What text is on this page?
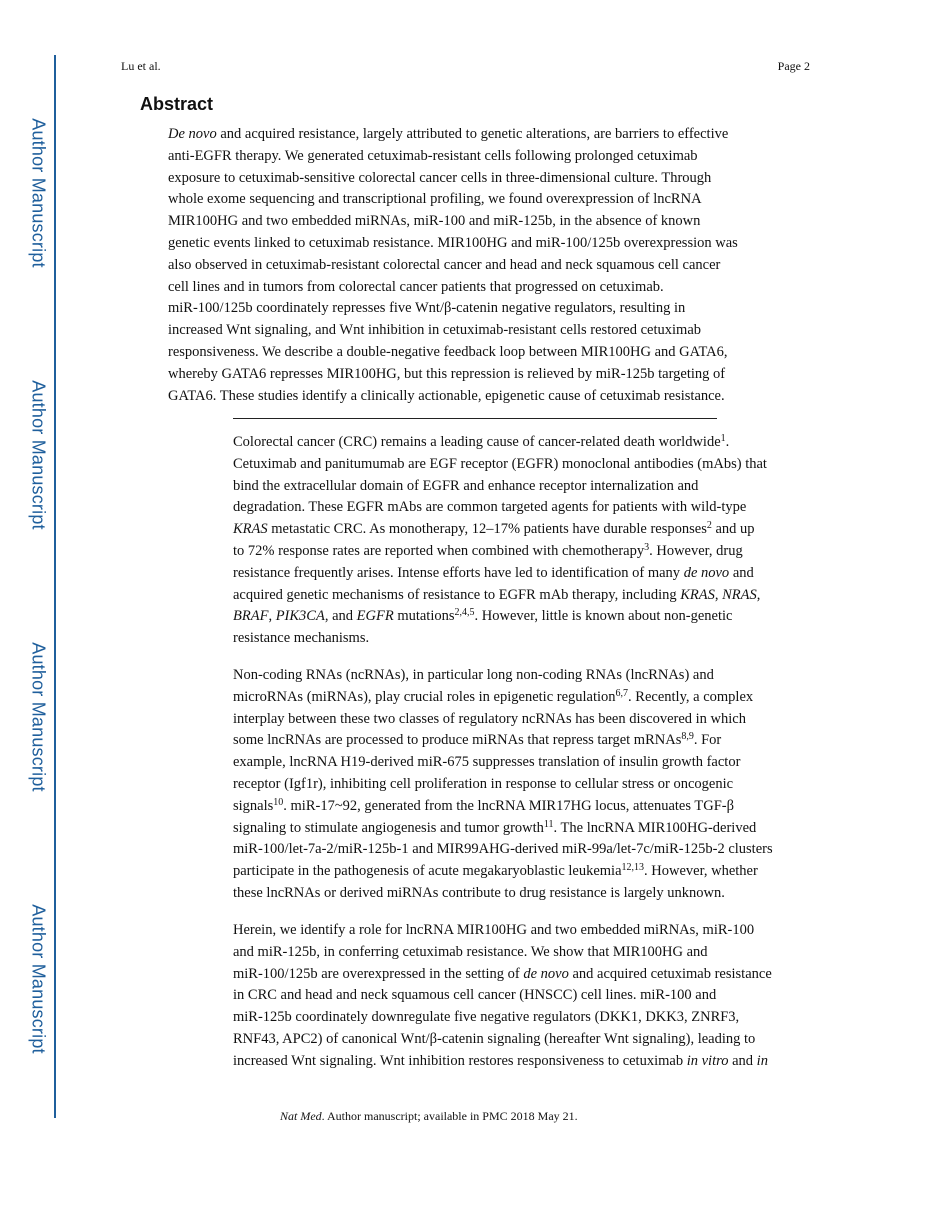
Author Manuscript
Author Manuscript
Author Manuscript
Author Manuscript
Lu et al.	Page 2
Abstract
De novo and acquired resistance, largely attributed to genetic alterations, are barriers to effective
anti-EGFR therapy. We generated cetuximab-resistant cells following prolonged cetuximab
exposure to cetuximab-sensitive colorectal cancer cells in three-dimensional culture. Through
whole exome sequencing and transcriptional profiling, we found overexpression of lncRNA
MIR100HG and two embedded miRNAs, miR-100 and miR-125b, in the absence of known
genetic events linked to cetuximab resistance. MIR100HG and miR-100/125b overexpression was
also observed in cetuximab-resistant colorectal cancer and head and neck squamous cell cancer
cell lines and in tumors from colorectal cancer patients that progressed on cetuximab.
miR-100/125b coordinately represses five Wnt/β-catenin negative regulators, resulting in
increased Wnt signaling, and Wnt inhibition in cetuximab-resistant cells restored cetuximab
responsiveness. We describe a double-negative feedback loop between MIR100HG and GATA6,
whereby GATA6 represses MIR100HG, but this repression is relieved by miR-125b targeting of
GATA6. These studies identify a clinically actionable, epigenetic cause of cetuximab resistance.
Colorectal cancer (CRC) remains a leading cause of cancer-related death worldwide$^1$.
Cetuximab and panitumumab are EGF receptor (EGFR) monoclonal antibodies (mAbs) that
bind the extracellular domain of EGFR and enhance receptor internalization and
degradation. These EGFR mAbs are common targeted agents for patients with wild-type
KRAS metastatic CRC. As monotherapy, 12–17% patients have durable responses$^2$ and up
to 72% response rates are reported when combined with chemotherapy$^3$. However, drug
resistance frequently arises. Intense efforts have led to identification of many de novo and
acquired genetic mechanisms of resistance to EGFR mAb therapy, including KRAS, NRAS,
BRAF, PIK3CA, and EGFR mutations$^{2,4,5}$. However, little is known about non-genetic
resistance mechanisms.
Non-coding RNAs (ncRNAs), in particular long non-coding RNAs (lncRNAs) and
microRNAs (miRNAs), play crucial roles in epigenetic regulation$^{6,7}$. Recently, a complex
interplay between these two classes of regulatory ncRNAs has been discovered in which
some lncRNAs are processed to produce miRNAs that repress target mRNAs$^{8,9}$. For
example, lncRNA H19-derived miR-675 suppresses translation of insulin growth factor
receptor (Igf1r), inhibiting cell proliferation in response to cellular stress or oncogenic
signals$^{10}$. miR-17~92, generated from the lncRNA MIR17HG locus, attenuates TGF-β
signaling to stimulate angiogenesis and tumor growth$^{11}$. The lncRNA MIR100HG-derived
miR-100/let-7a-2/miR-125b-1 and MIR99AHG-derived miR-99a/let-7c/miR-125b-2 clusters
participate in the pathogenesis of acute megakaryoblastic leukemia$^{12,13}$. However, whether
these lncRNAs or derived miRNAs contribute to drug resistance is largely unknown.
Herein, we identify a role for lncRNA MIR100HG and two embedded miRNAs, miR-100
and miR-125b, in conferring cetuximab resistance. We show that MIR100HG and
miR-100/125b are overexpressed in the setting of de novo and acquired cetuximab resistance
in CRC and head and neck squamous cell cancer (HNSCC) cell lines. miR-100 and
miR-125b coordinately downregulate five negative regulators (DKK1, DKK3, ZNRF3,
RNF43, APC2) of canonical Wnt/β-catenin signaling (hereafter Wnt signaling), leading to
increased Wnt signaling. Wnt inhibition restores responsiveness to cetuximab in vitro and in
Nat Med. Author manuscript; available in PMC 2018 May 21.
